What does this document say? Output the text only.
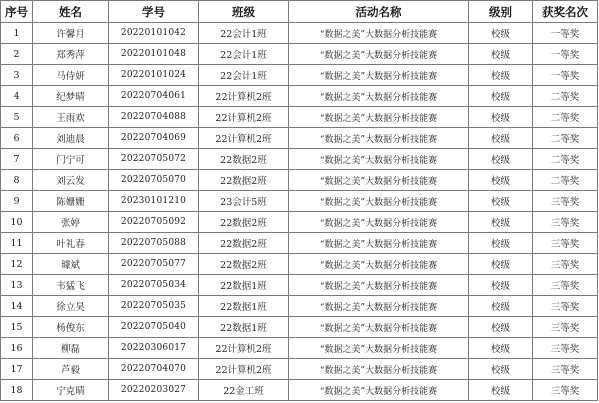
序号	姓名	学号	班级	活动名称	级别	获奖名次
1	许馨月	20220101042	22会计1班	“数据之美”大数据分析技能赛	校级	一等奖
2	郑秀萍	20220101048	22会计1班	“数据之美”大数据分析技能赛	校级	一等奖
3	马侍妍	20220101024	22会计1班	“数据之美”大数据分析技能赛	校级	一等奖
4	纪梦晴	20220704061	22计算机2班	“数据之美”大数据分析技能赛	校级	二等奖
5	王雨欢	20220704088	22计算机2班	“数据之美”大数据分析技能赛	校级	二等奖
6	刘迪晨	20220704069	22计算机2班	“数据之美”大数据分析技能赛	校级	二等奖
7	门宁可	20220705072	22数据2班	“数据之美”大数据分析技能赛	校级	二等奖
8	刘云发	20220705070	22数据2班	“数据之美”大数据分析技能赛	校级	二等奖
9	陈姗姗	20230101210	23会计5班	“数据之美”大数据分析技能赛	校级	三等奖
10	张婷	20220705092	22数据2班	“数据之美”大数据分析技能赛	校级	三等奖
11	叶礼春	20220705088	22数据2班	“数据之美”大数据分析技能赛	校级	三等奖
12	璩斌	20220705077	22数据2班	“数据之美”大数据分析技能赛	校级	三等奖
13	韦猛飞	20220705034	22数据1班	“数据之美”大数据分析技能赛	校级	三等奖
14	徐立昊	20220705035	22数据1班	“数据之美”大数据分析技能赛	校级	三等奖
15	杨俊东	20220705040	22数据1班	“数据之美”大数据分析技能赛	校级	三等奖
16	柳磊	20220306017	22计算机2班	“数据之美”大数据分析技能赛	校级	三等奖
17	芦毅	20220704070	22计算机2班	“数据之美”大数据分析技能赛	校级	三等奖
18	宁克晴	20220203027	22金工班	“数据之美”大数据分析技能赛	校级	三等奖
